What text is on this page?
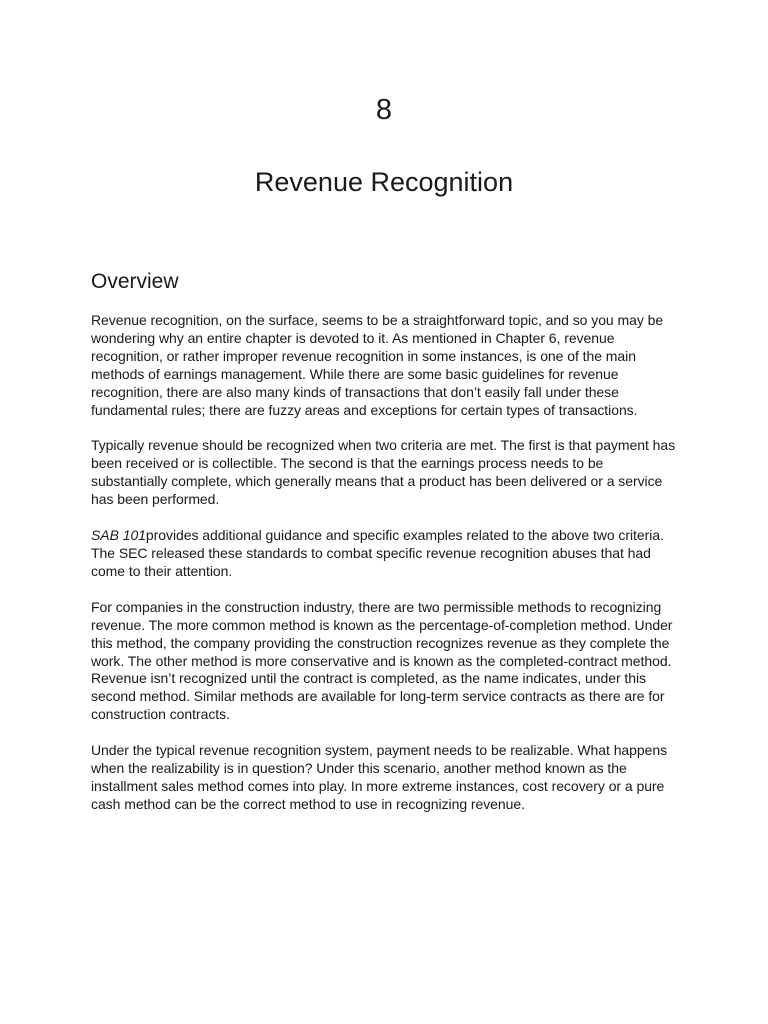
8
Revenue Recognition
Overview

Revenue recognition, on the surface, seems to be a straightforward topic, and so you may be wondering why an entire chapter is devoted to it. As mentioned in Chapter 6, revenue recognition, or rather improper revenue recognition in some instances, is one of the main methods of earnings management. While there are some basic guidelines for revenue recognition, there are also many kinds of transactions that don’t easily fall under these fundamental rules; there are fuzzy areas and exceptions for certain types of transactions.

Typically revenue should be recognized when two criteria are met. The first is that payment has been received or is collectible. The second is that the earnings process needs to be substantially complete, which generally means that a product has been delivered or a service has been performed.

SAB 101provides additional guidance and specific examples related to the above two criteria. The SEC released these standards to combat specific revenue recognition abuses that had come to their attention.

For companies in the construction industry, there are two permissible methods to recognizing revenue. The more common method is known as the percentage-of-completion method. Under this method, the company providing the construction recognizes revenue as they complete the work. The other method is more conservative and is known as the completed-contract method. Revenue isn’t recognized until the contract is completed, as the name indicates, under this second method. Similar methods are available for long-term service contracts as there are for construction contracts.

Under the typical revenue recognition system, payment needs to be realizable. What happens when the realizability is in question? Under this scenario, another method known as the installment sales method comes into play. In more extreme instances, cost recovery or a pure cash method can be the correct method to use in recognizing revenue.
